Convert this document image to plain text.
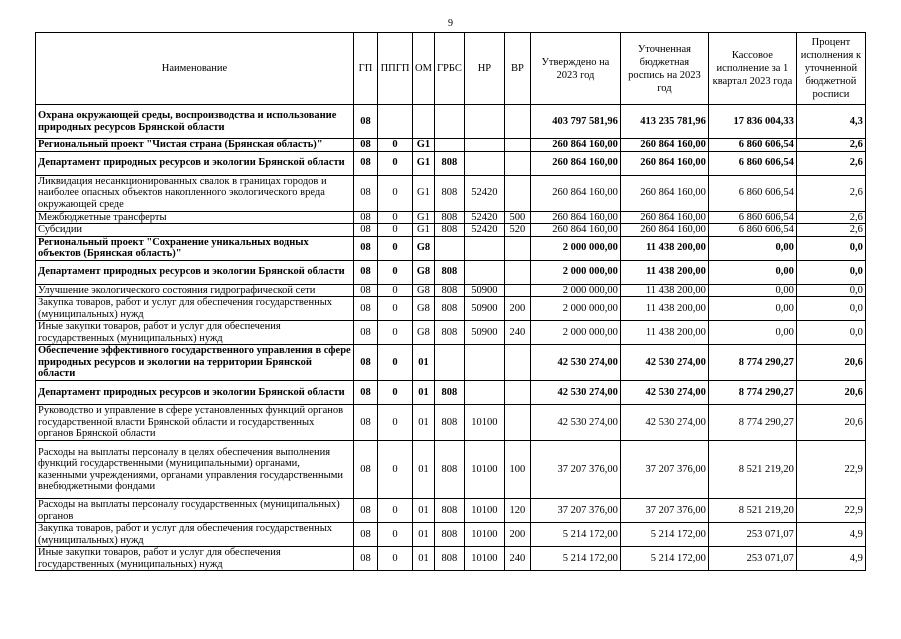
9
Наименование	ГП	ППГП	ОМ	ГРБС	НР	ВР	Утверждено на 2023 год	Уточненная бюджетная роспись на 2023 год	Кассовое исполнение за 1 квартал 2023 года	Процент исполнения к уточненной бюджетной росписи
Охрана окружающей среды, воспроизводства и использование природных ресурсов Брянской области	08						403 797 581,96	413 235 781,96	17 836 004,33	4,3
Региональный проект "Чистая страна (Брянская область)"	08	0	G1				260 864 160,00	260 864 160,00	6 860 606,54	2,6
Департамент природных ресурсов и экологии Брянской области	08	0	G1	808			260 864 160,00	260 864 160,00	6 860 606,54	2,6
Ликвидация несанкционированных свалок в границах городов и наиболее опасных объектов накопленного экологического вреда окружающей среде	08	0	G1	808	52420		260 864 160,00	260 864 160,00	6 860 606,54	2,6
Межбюджетные трансферты	08	0	G1	808	52420	500	260 864 160,00	260 864 160,00	6 860 606,54	2,6
Субсидии	08	0	G1	808	52420	520	260 864 160,00	260 864 160,00	6 860 606,54	2,6
Региональный проект "Сохранение уникальных водных объектов (Брянская область)"	08	0	G8				2 000 000,00	11 438 200,00	0,00	0,0
Департамент природных ресурсов и экологии Брянской области	08	0	G8	808			2 000 000,00	11 438 200,00	0,00	0,0
Улучшение экологического состояния гидрографической сети	08	0	G8	808	50900		2 000 000,00	11 438 200,00	0,00	0,0
Закупка товаров, работ и услуг для обеспечения государственных (муниципальных) нужд	08	0	G8	808	50900	200	2 000 000,00	11 438 200,00	0,00	0,0
Иные закупки товаров, работ и услуг для обеспечения государственных (муниципальных) нужд	08	0	G8	808	50900	240	2 000 000,00	11 438 200,00	0,00	0,0
Обеспечение эффективного государственного управления в сфере природных ресурсов и экологии на территории Брянской области	08	0	01				42 530 274,00	42 530 274,00	8 774 290,27	20,6
Департамент природных ресурсов и экологии Брянской области	08	0	01	808			42 530 274,00	42 530 274,00	8 774 290,27	20,6
Руководство и управление в сфере установленных функций органов государственной власти Брянской области и государственных органов Брянской области	08	0	01	808	10100		42 530 274,00	42 530 274,00	8 774 290,27	20,6
Расходы на выплаты персоналу в целях обеспечения выполнения функций государственными (муниципальными) органами, казенными учреждениями, органами управления государственными внебюджетными фондами	08	0	01	808	10100	100	37 207 376,00	37 207 376,00	8 521 219,20	22,9
Расходы на выплаты персоналу государственных (муниципальных) органов	08	0	01	808	10100	120	37 207 376,00	37 207 376,00	8 521 219,20	22,9
Закупка товаров, работ и услуг для обеспечения государственных (муниципальных) нужд	08	0	01	808	10100	200	5 214 172,00	5 214 172,00	253 071,07	4,9
Иные закупки товаров, работ и услуг для обеспечения государственных (муниципальных) нужд	08	0	01	808	10100	240	5 214 172,00	5 214 172,00	253 071,07	4,9
